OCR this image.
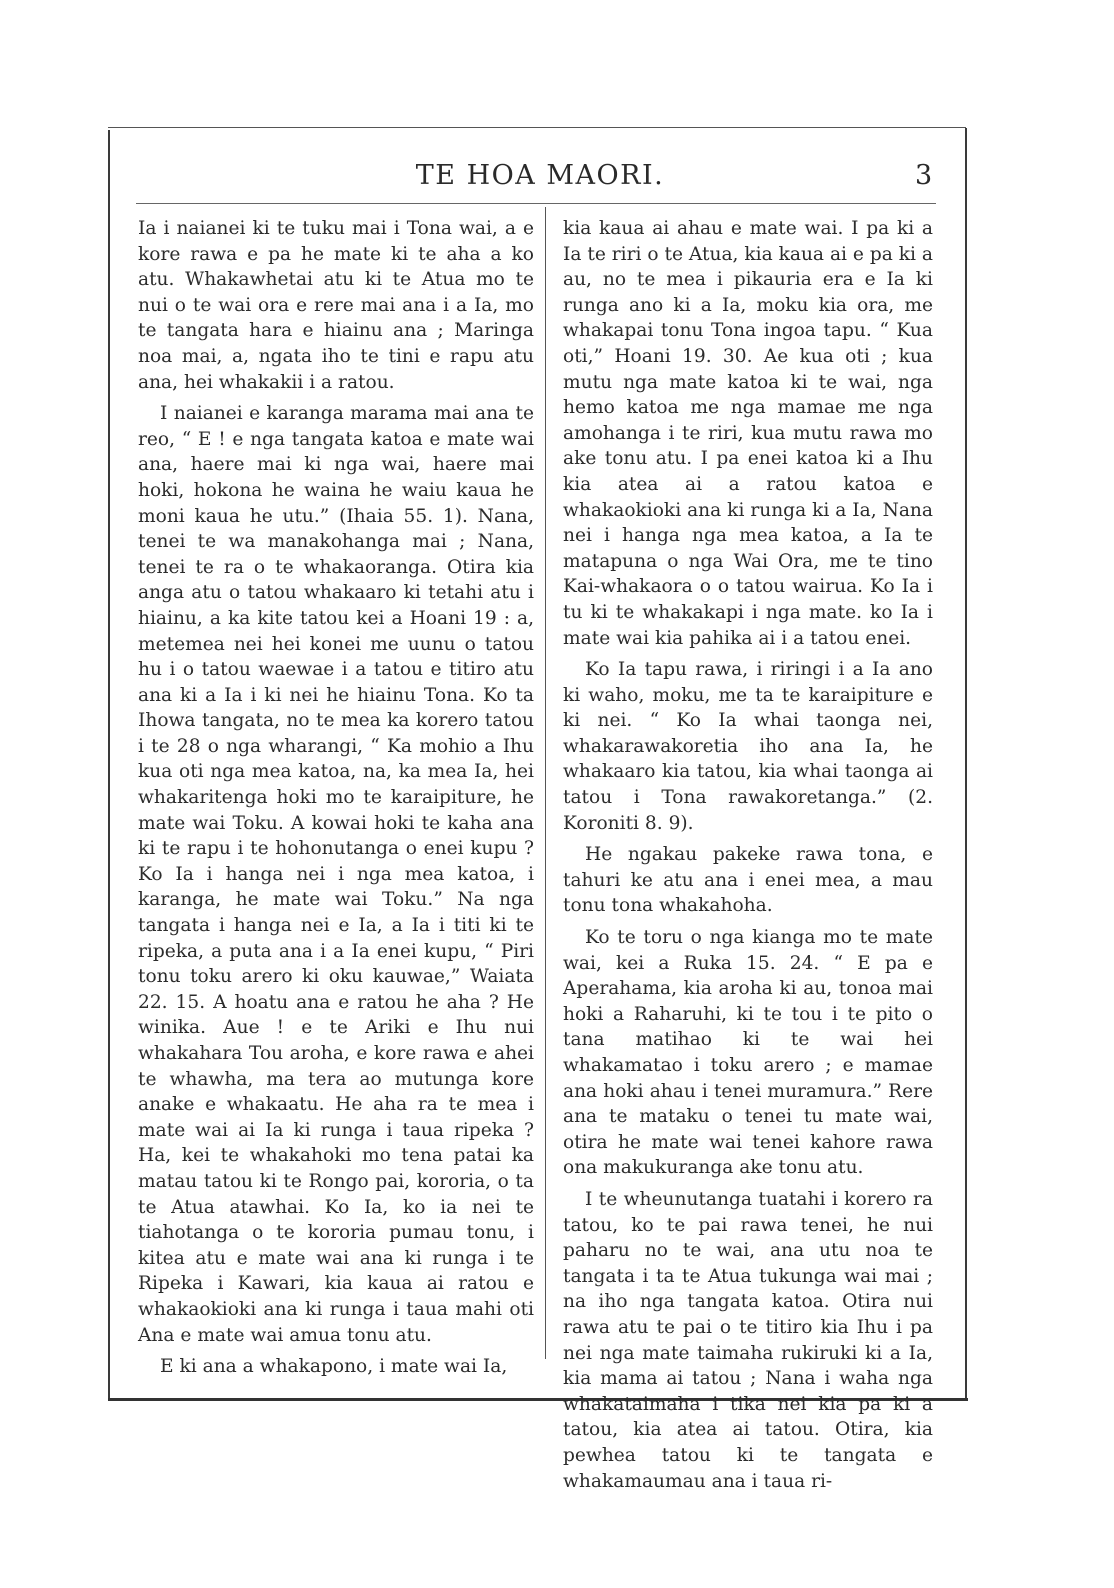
TE HOA MAORI.	3

Ia i naianei ki te tuku mai i Tona wai, a e kore rawa e pa he mate ki te aha a ko atu. Whakawhetai atu ki te Atua mo te nui o te wai ora e rere mai ana i a Ia, mo te tangata hara e hiainu ana ; Maringa noa mai, a, ngata iho te tini e rapu atu ana, hei whakakii i a ratou.

I naianei e karanga marama mai ana te reo, “ E ! e nga tangata katoa e mate wai ana, haere mai ki nga wai, haere mai hoki, hokona he waina he waiu kaua he moni kaua he utu.” (Ihaia 55. 1). Nana, tenei te wa manakohanga mai ; Nana, tenei te ra o te whakaoranga. Otira kia anga atu o tatou whakaaro ki tetahi atu i hiainu, a ka kite tatou kei a Hoani 19 : a, metemea nei hei konei me uunu o tatou hu i o tatou waewae i a tatou e titiro atu ana ki a Ia i ki nei he hiainu Tona. Ko ta Ihowa tangata, no te mea ka korero tatou i te 28 o nga wharangi, “ Ka mohio a Ihu kua oti nga mea katoa, na, ka mea Ia, hei whakaritenga hoki mo te karaipiture, he mate wai Toku. A kowai hoki te kaha ana ki te rapu i te hohonutanga o enei kupu ? Ko Ia i hanga nei i nga mea katoa, i karanga, he mate wai Toku.” Na nga tangata i hanga nei e Ia, a Ia i titi ki te ripeka, a puta ana i a Ia enei kupu, “ Piri tonu toku arero ki oku kauwae,” Waiata 22. 15. A hoatu ana e ratou he aha ? He winika. Aue ! e te Ariki e Ihu nui whakahara Tou aroha, e kore rawa e ahei te whawha, ma tera ao mutunga kore anake e whakaatu. He aha ra te mea i mate wai ai Ia ki runga i taua ripeka ? Ha, kei te whakahoki mo tena patai ka matau tatou ki te Rongo pai, kororia, o ta te Atua atawhai. Ko Ia, ko ia nei te tiahotanga o te kororia pumau tonu, i kitea atu e mate wai ana ki runga i te Ripeka i Kawari, kia kaua ai ratou e whakaokioki ana ki runga i taua mahi oti Ana e mate wai amua tonu atu.

E ki ana a whakapono, i mate wai Ia,

kia kaua ai ahau e mate wai. I pa ki a Ia te riri o te Atua, kia kaua ai e pa ki a au, no te mea i pikauria era e Ia ki runga ano ki a Ia, moku kia ora, me whakapai tonu Tona ingoa tapu. “ Kua oti,” Hoani 19. 30. Ae kua oti ; kua mutu nga mate katoa ki te wai, nga hemo katoa me nga mamae me nga amohanga i te riri, kua mutu rawa mo ake tonu atu. I pa enei katoa ki a Ihu kia atea ai a ratou katoa e whakaokioki ana ki runga ki a Ia, Nana nei i hanga nga mea katoa, a Ia te matapuna o nga Wai Ora, me te tino Kai-whakaora o o tatou wairua. Ko Ia i tu ki te whakakapi i nga mate. ko Ia i mate wai kia pahika ai i a tatou enei.

Ko Ia tapu rawa, i riringi i a Ia ano ki waho, moku, me ta te karaipiture e ki nei. “ Ko Ia whai taonga nei, whakarawakoretia iho ana Ia, he whakaaro kia tatou, kia whai taonga ai tatou i Tona rawakoretanga.” (2. Koroniti 8. 9).

He ngakau pakeke rawa tona, e tahuri ke atu ana i enei mea, a mau tonu tona whakahoha.

Ko te toru o nga kianga mo te mate wai, kei a Ruka 15. 24. “ E pa e Aperahama, kia aroha ki au, tonoa mai hoki a Raharuhi, ki te tou i te pito o tana matihao ki te wai hei whakamatao i toku arero ; e mamae ana hoki ahau i tenei muramura.” Rere ana te mataku o tenei tu mate wai, otira he mate wai tenei kahore rawa ona makukuranga ake tonu atu.

I te wheunutanga tuatahi i korero ra tatou, ko te pai rawa tenei, he nui paharu no te wai, ana utu noa te tangata i ta te Atua tukunga wai mai ; na iho nga tangata katoa. Otira nui rawa atu te pai o te titiro kia Ihu i pa nei nga mate taimaha rukiruki ki a Ia, kia mama ai tatou ; Nana i waha nga whakataimaha i tika nei kia pa ki a tatou, kia atea ai tatou. Otira, kia pewhea tatou ki te tangata e whakamaumau ana i taua ri-
